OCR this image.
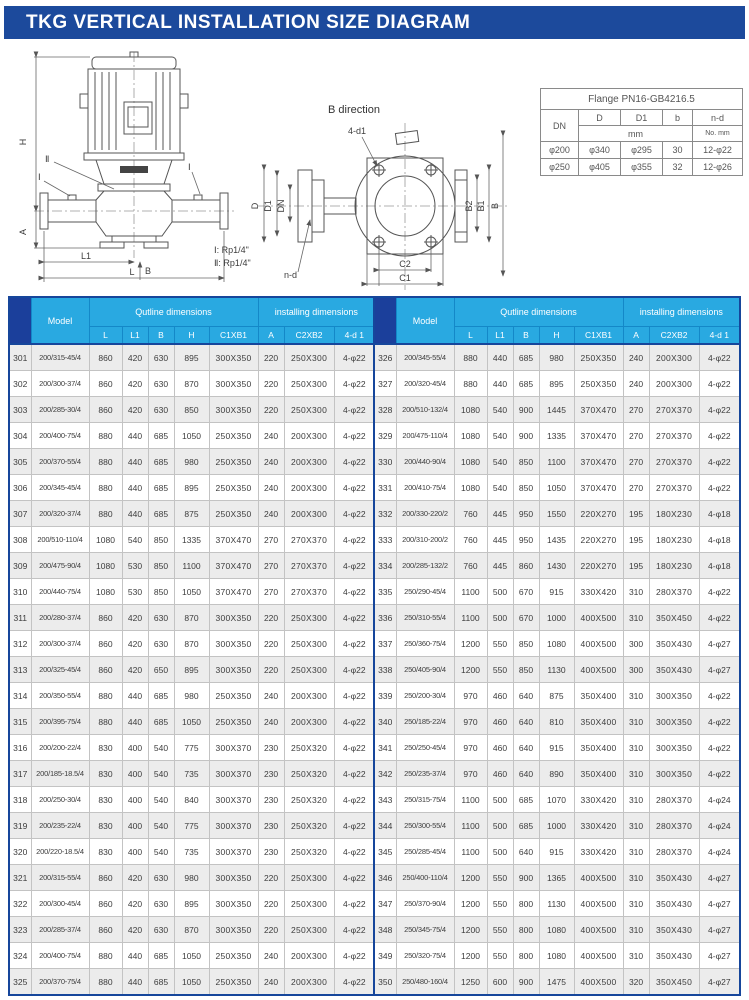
TKG VERTICAL INSTALLATION SIZE DIAGRAM
Ⅱ
Ⅰ
Ⅰ
H
A
L1
L B
B direction
4-d1
n-d
D D1 DN	B2 B1 B
C2
C1
Ⅰ: Rp1/4"
Ⅱ: Rp1/4"
Flange PN16-GB4216.5				
DN	D	D1	b	n-d
	mm			No. mm
φ200	φ340	φ295	30	12-φ22
φ250	φ405	φ355	32	12-φ26
	Model	Qutline dimensions					installing dimensions		
		L	L1	B	H	C1XB1	A	C2XB2	4-d 1
301	200/315-45/4	860	420	630	895	300X350	220	250X300	4-φ22
302	200/300-37/4	860	420	630	870	300X350	220	250X300	4-φ22
303	200/285-30/4	860	420	630	850	300X350	220	250X300	4-φ22
304	200/400-75/4	880	440	685	1050	250X350	240	200X300	4-φ22
305	200/370-55/4	880	440	685	980	250X350	240	200X300	4-φ22
306	200/345-45/4	880	440	685	895	250X350	240	200X300	4-φ22
307	200/320-37/4	880	440	685	875	250X350	240	200X300	4-φ22
308	200/510-110/4	1080	540	850	1335	370X470	270	270X370	4-φ22
309	200/475-90/4	1080	530	850	1100	370X470	270	270X370	4-φ22
310	200/440-75/4	1080	530	850	1050	370X470	270	270X370	4-φ22
311	200/280-37/4	860	420	630	870	300X350	220	250X300	4-φ22
312	200/300-37/4	860	420	630	870	300X350	220	250X300	4-φ22
313	200/325-45/4	860	420	650	895	300X350	220	250X300	4-φ22
314	200/350-55/4	880	440	685	980	250X350	240	200X300	4-φ22
315	200/395-75/4	880	440	685	1050	250X350	240	200X300	4-φ22
316	200/200-22/4	830	400	540	775	300X370	230	250X320	4-φ22
317	200/185-18.5/4	830	400	540	735	300X370	230	250X320	4-φ22
318	200/250-30/4	830	400	540	840	300X370	230	250X320	4-φ22
319	200/235-22/4	830	400	540	775	300X370	230	250X320	4-φ22
320	200/220-18.5/4	830	400	540	735	300X370	230	250X320	4-φ22
321	200/315-55/4	860	420	630	980	300X350	220	250X300	4-φ22
322	200/300-45/4	860	420	630	895	300X350	220	250X300	4-φ22
323	200/285-37/4	860	420	630	870	300X350	220	250X300	4-φ22
324	200/400-75/4	880	440	685	1050	250X350	240	200X300	4-φ22
325	200/370-75/4	880	440	685	1050	250X350	240	200X300	4-φ22
	Model	Qutline dimensions					installing dimensions		
		L	L1	B	H	C1XB1	A	C2XB2	4-d 1
326	200/345-55/4	880	440	685	980	250X350	240	200X300	4-φ22
327	200/320-45/4	880	440	685	895	250X350	240	200X300	4-φ22
328	200/510-132/4	1080	540	900	1445	370X470	270	270X370	4-φ22
329	200/475-110/4	1080	540	900	1335	370X470	270	270X370	4-φ22
330	200/440-90/4	1080	540	850	1100	370X470	270	270X370	4-φ22
331	200/410-75/4	1080	540	850	1050	370X470	270	270X370	4-φ22
332	200/330-220/2	760	445	950	1550	220X270	195	180X230	4-φ18
333	200/310-200/2	760	445	950	1435	220X270	195	180X230	4-φ18
334	200/285-132/2	760	445	860	1430	220X270	195	180X230	4-φ18
335	250/290-45/4	1100	500	670	915	330X420	310	280X370	4-φ22
336	250/310-55/4	1100	500	670	1000	400X500	310	350X450	4-φ22
337	250/360-75/4	1200	550	850	1080	400X500	300	350X430	4-φ27
338	250/405-90/4	1200	550	850	1130	400X500	300	350X430	4-φ27
339	250/200-30/4	970	460	640	875	350X400	310	300X350	4-φ22
340	250/185-22/4	970	460	640	810	350X400	310	300X350	4-φ22
341	250/250-45/4	970	460	640	915	350X400	310	300X350	4-φ22
342	250/235-37/4	970	460	640	890	350X400	310	300X350	4-φ22
343	250/315-75/4	1100	500	685	1070	330X420	310	280X370	4-φ24
344	250/300-55/4	1100	500	685	1000	330X420	310	280X370	4-φ24
345	250/285-45/4	1100	500	640	915	330X420	310	280X370	4-φ24
346	250/400-110/4	1200	550	900	1365	400X500	310	350X430	4-φ27
347	250/370-90/4	1200	550	800	1130	400X500	310	350X430	4-φ27
348	250/345-75/4	1200	550	800	1080	400X500	310	350X430	4-φ27
349	250/320-75/4	1200	550	800	1080	400X500	310	350X430	4-φ27
350	250/480-160/4	1250	600	900	1475	400X500	320	350X450	4-φ27
